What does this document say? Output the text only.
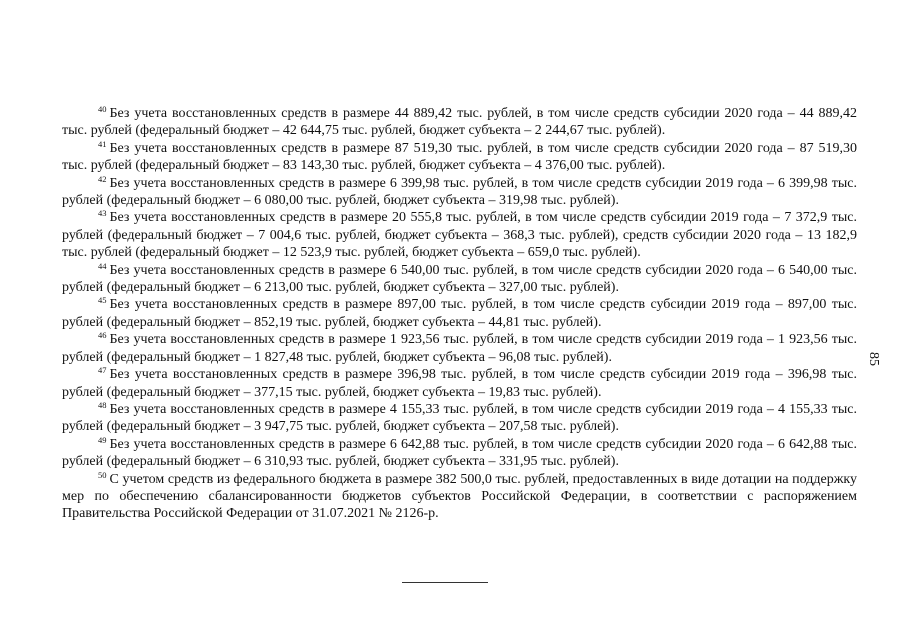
$^{40}$ Без учета восстановленных средств в размере 44 889,42 тыс. рублей, в том числе средств субсидии 2020 года – 44 889,42 тыс. рублей (федеральный бюджет – 42 644,75 тыс. рублей, бюджет субъекта – 2 244,67 тыс. рублей).

$^{41}$ Без учета восстановленных средств в размере 87 519,30 тыс. рублей, в том числе средств субсидии 2020 года – 87 519,30 тыс. рублей (федеральный бюджет – 83 143,30 тыс. рублей, бюджет субъекта – 4 376,00 тыс. рублей).

$^{42}$ Без учета восстановленных средств в размере 6 399,98 тыс. рублей, в том числе средств субсидии 2019 года – 6 399,98 тыс. рублей (федеральный бюджет – 6 080,00 тыс. рублей, бюджет субъекта – 319,98 тыс. рублей).

$^{43}$ Без учета восстановленных средств в размере 20 555,8 тыс. рублей, в том числе средств субсидии 2019 года – 7 372,9 тыс. рублей (федеральный бюджет – 7 004,6 тыс. рублей, бюджет субъекта – 368,3 тыс. рублей), средств субсидии 2020 года – 13 182,9 тыс. рублей (федеральный бюджет – 12 523,9 тыс. рублей, бюджет субъекта – 659,0 тыс. рублей).

$^{44}$ Без учета восстановленных средств в размере 6 540,00 тыс. рублей, в том числе средств субсидии 2020 года – 6 540,00 тыс. рублей (федеральный бюджет – 6 213,00 тыс. рублей, бюджет субъекта – 327,00 тыс. рублей).

$^{45}$ Без учета восстановленных средств в размере 897,00 тыс. рублей, в том числе средств субсидии 2019 года – 897,00 тыс. рублей (федеральный бюджет – 852,19 тыс. рублей, бюджет субъекта – 44,81 тыс. рублей).

$^{46}$ Без учета восстановленных средств в размере 1 923,56 тыс. рублей, в том числе средств субсидии 2019 года – 1 923,56 тыс. рублей (федеральный бюджет – 1 827,48 тыс. рублей, бюджет субъекта – 96,08 тыс. рублей).

$^{47}$ Без учета восстановленных средств в размере 396,98 тыс. рублей, в том числе средств субсидии 2019 года – 396,98 тыс. рублей (федеральный бюджет – 377,15 тыс. рублей, бюджет субъекта – 19,83 тыс. рублей).

$^{48}$ Без учета восстановленных средств в размере 4 155,33 тыс. рублей, в том числе средств субсидии 2019 года – 4 155,33 тыс. рублей (федеральный бюджет – 3 947,75 тыс. рублей, бюджет субъекта – 207,58 тыс. рублей).

$^{49}$ Без учета восстановленных средств в размере 6 642,88 тыс. рублей, в том числе средств субсидии 2020 года – 6 642,88 тыс. рублей (федеральный бюджет – 6 310,93 тыс. рублей, бюджет субъекта – 331,95 тыс. рублей).

$^{50}$ С учетом средств из федерального бюджета в размере 382 500,0 тыс. рублей, предоставленных в виде дотации на поддержку мер по обеспечению сбалансированности бюджетов субъектов Российской Федерации, в соответствии с распоряжением Правительства Российской Федерации от 31.07.2021 № 2126-р.

85
